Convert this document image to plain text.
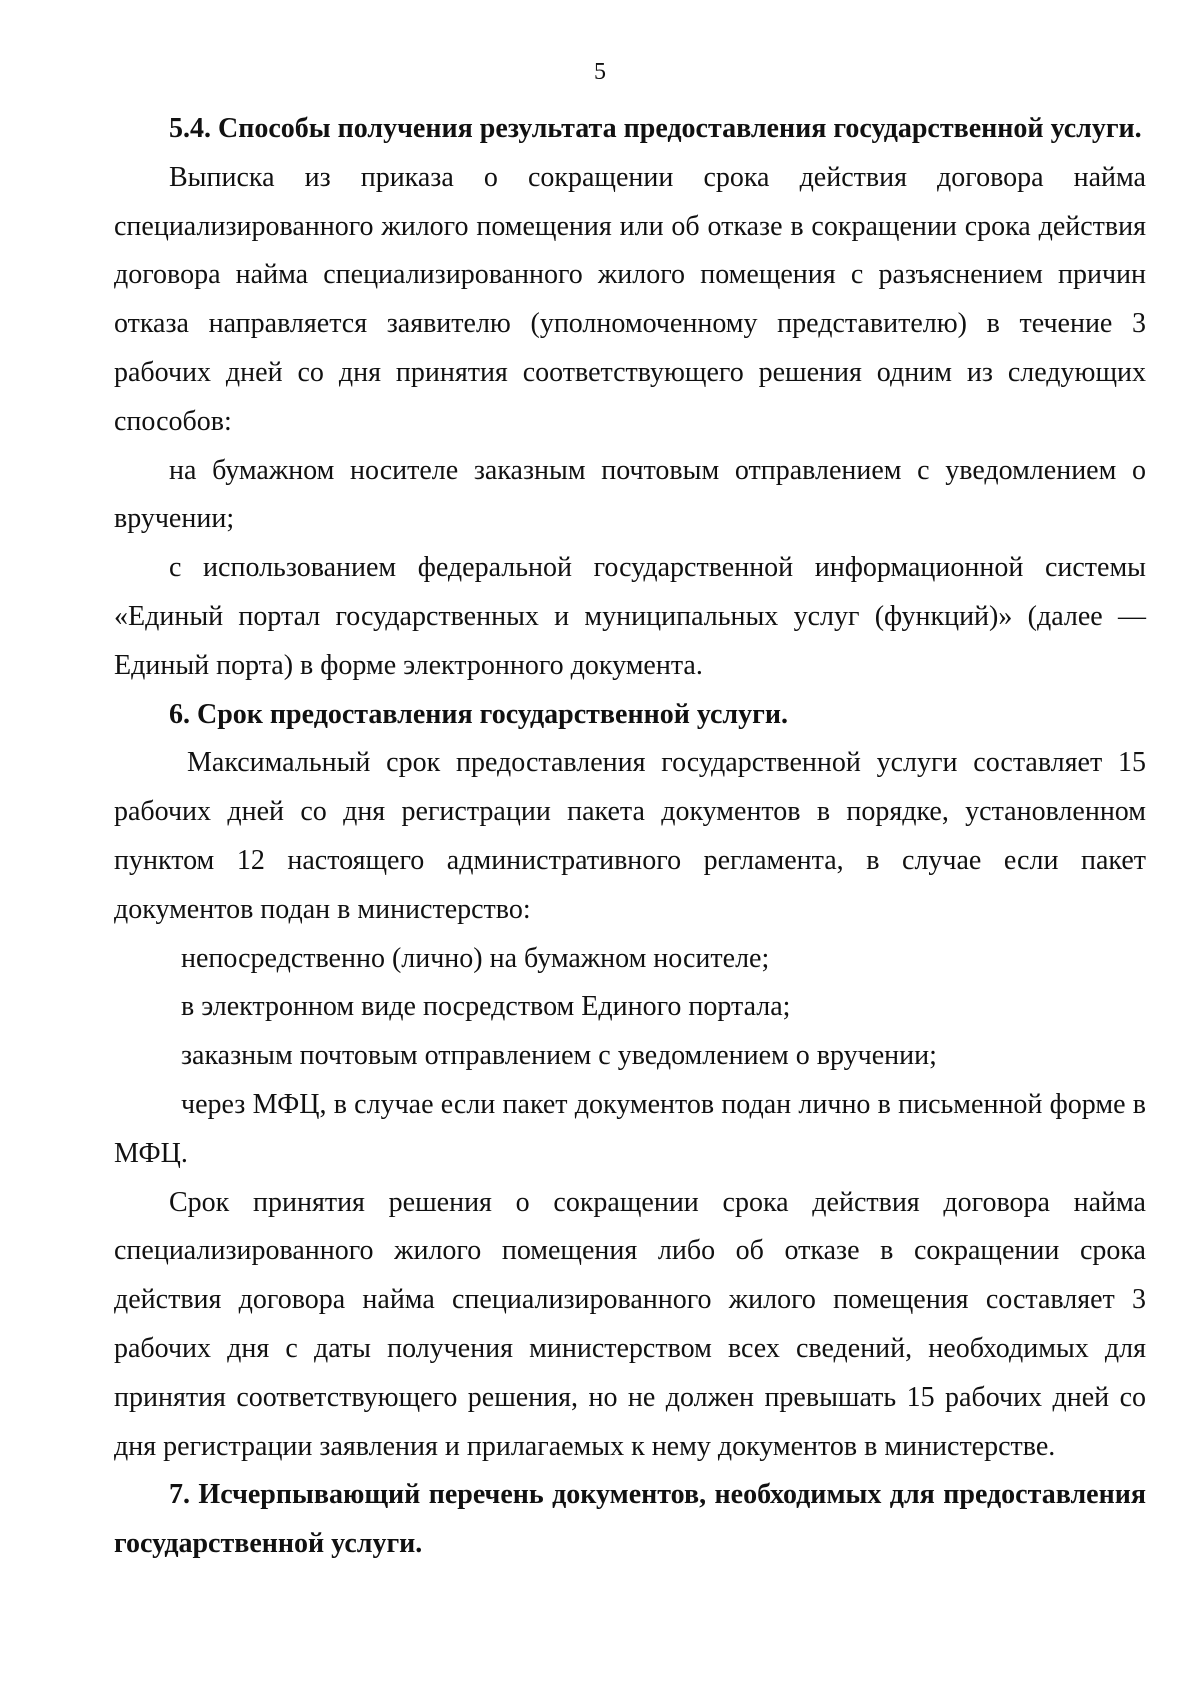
5

5.4. Способы получения результата предоставления государственной услуги.

Выписка из приказа о сокращении срока действия договора найма специализированного жилого помещения или об отказе в сокращении срока действия договора найма специализированного жилого помещения с разъяснением причин отказа направляется заявителю (уполномоченному представителю) в течение 3 рабочих дней со дня принятия соответствующего решения одним из следующих способов:

на бумажном носителе заказным почтовым отправлением с уведомлением о вручении;

с использованием федеральной государственной информационной системы «Единый портал государственных и муниципальных услуг (функций)» (далее — Единый порта) в форме электронного документа.

6. Срок предоставления государственной услуги.

Максимальный срок предоставления государственной услуги составляет 15 рабочих дней со дня регистрации пакета документов в порядке, установленном пунктом 12 настоящего административного регламента, в случае если пакет документов подан в министерство:

непосредственно (лично) на бумажном носителе;

в электронном виде посредством Единого портала;

заказным почтовым отправлением с уведомлением о вручении;

через МФЦ, в случае если пакет документов подан лично в письменной форме в МФЦ.

Срок принятия решения о сокращении срока действия договора найма специализированного жилого помещения либо об отказе в сокращении срока действия договора найма специализированного жилого помещения составляет 3 рабочих дня с даты получения министерством всех сведений, необходимых для принятия соответствующего решения, но не должен превышать 15 рабочих дней со дня регистрации заявления и прилагаемых к нему документов в министерстве.

7. Исчерпывающий перечень документов, необходимых для предоставления государственной услуги.
